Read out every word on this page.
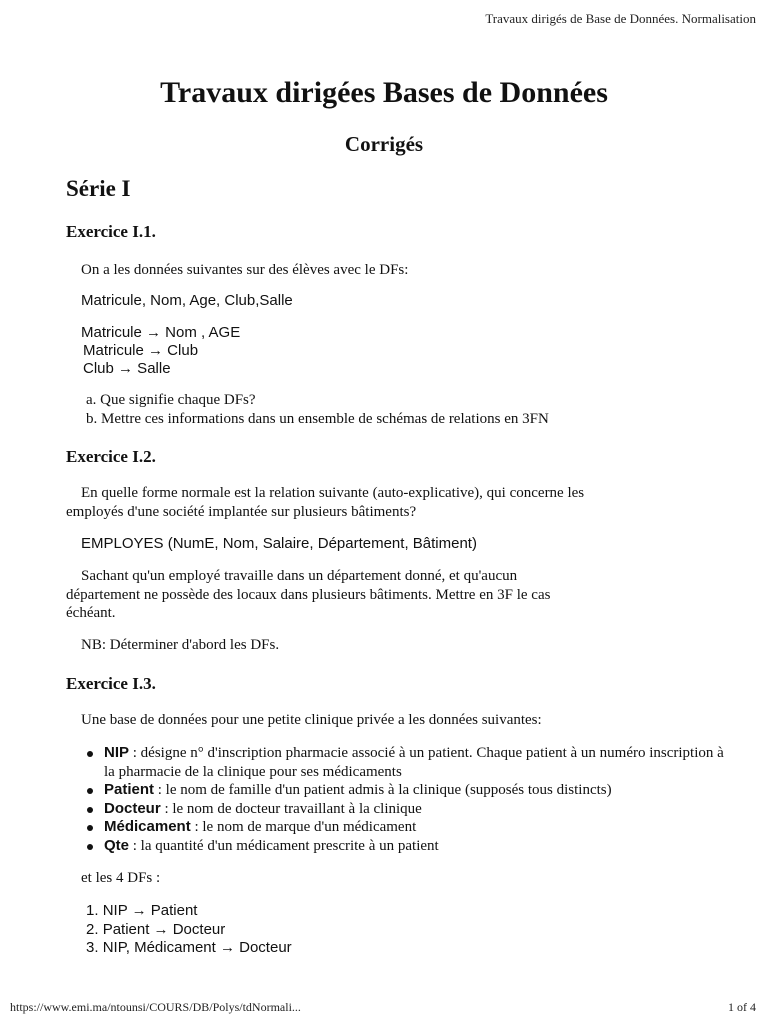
Travaux dirigés de Base de Données. Normalisation
Travaux dirigées Bases de Données
Corrigés
Série I
Exercice I.1.
On a les données suivantes sur des élèves avec le DFs:
Matricule, Nom, Age, Club,Salle
Matricule → Nom , AGE
Matricule → Club
Club → Salle
a. Que signifie chaque DFs?
b. Mettre ces informations dans un ensemble de schémas de relations en 3FN
Exercice I.2.
En quelle forme normale est la relation suivante (auto-explicative), qui concerne les
employés d'une société implantée sur plusieurs bâtiments?
EMPLOYES (NumE, Nom, Salaire, Département, Bâtiment)
Sachant qu'un employé travaille dans un département donné, et qu'aucun
département ne possède des locaux dans plusieurs bâtiments. Mettre en 3F le cas
échéant.
NB: Déterminer d'abord les DFs.
Exercice I.3.
Une base de données pour une petite clinique privée a les données suivantes:
NIP : désigne n° d'inscription pharmacie associé à un patient. Chaque patient à un numéro inscription à la pharmacie de la clinique pour ses médicaments
Patient : le nom de famille d'un patient admis à la clinique (supposés tous distincts)
Docteur : le nom de docteur travaillant à la clinique
Médicament : le nom de marque d'un médicament
Qte : la quantité d'un médicament prescrite à un patient
et les 4 DFs :
1. NIP → Patient
2. Patient → Docteur
3. NIP, Médicament → Docteur
https://www.emi.ma/ntounsi/COURS/DB/Polys/tdNormali...	1 of 4
